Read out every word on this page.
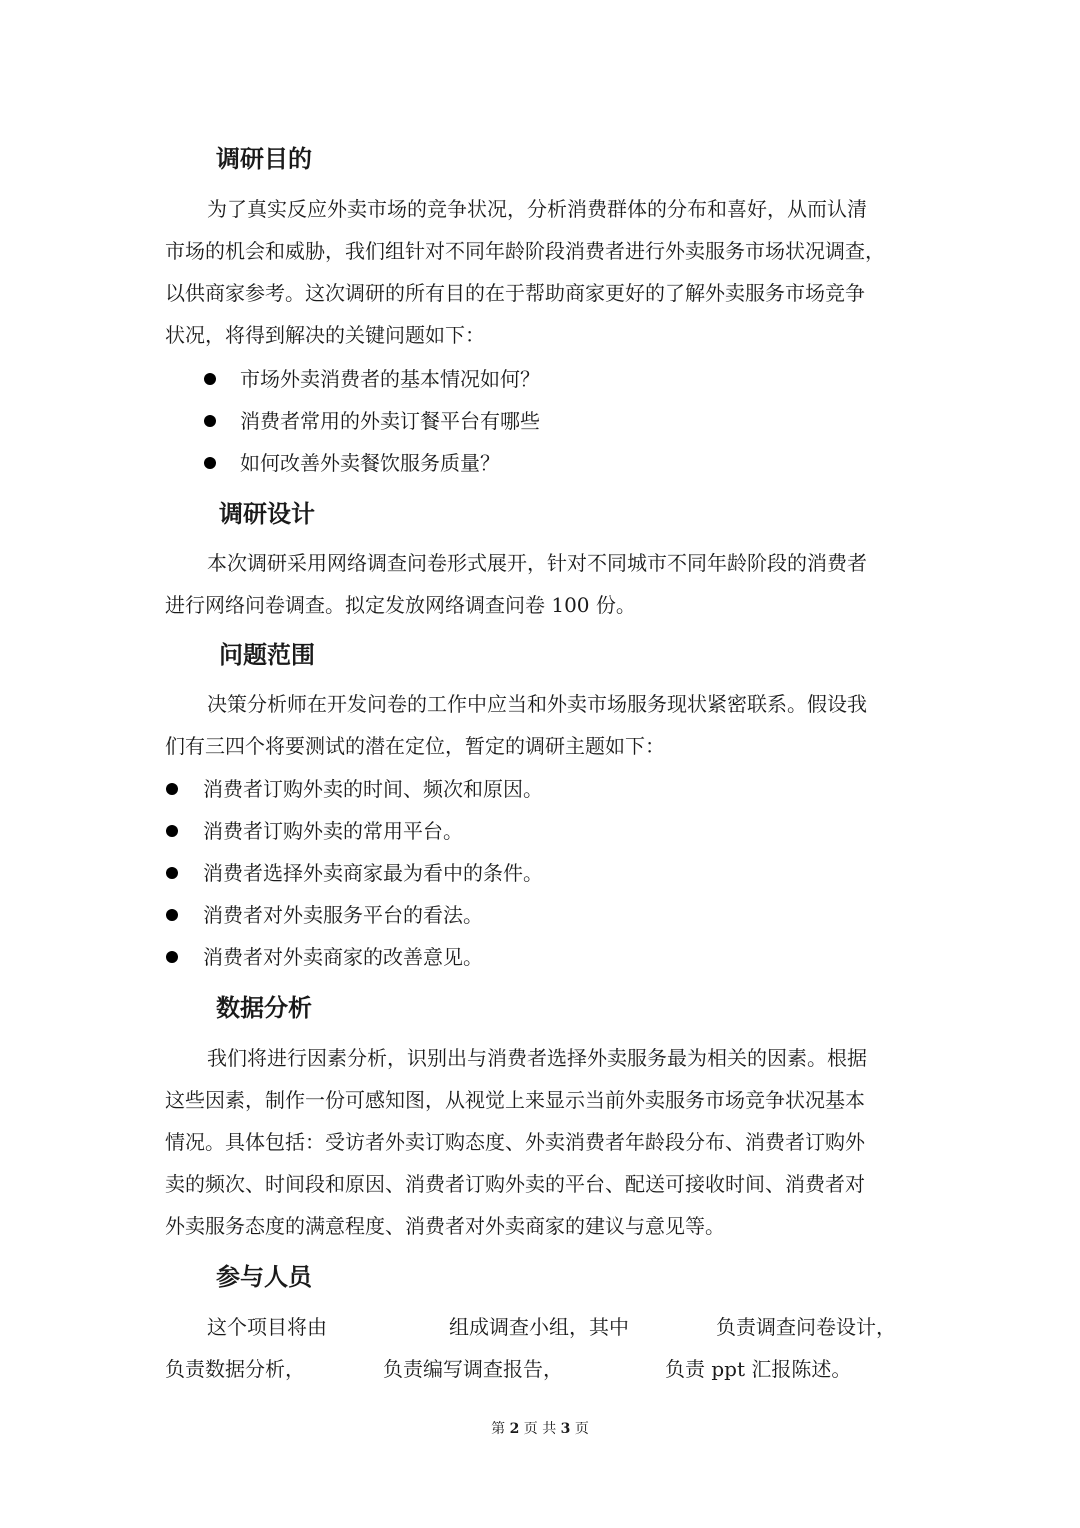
调研目的
为了真实反应外卖市场的竞争状况，分析消费群体的分布和喜好，从而认清
市场的机会和威胁，我们组针对不同年龄阶段消费者进行外卖服务市场状况调查，
以供商家参考。这次调研的所有目的在于帮助商家更好的了解外卖服务市场竞争
状况，将得到解决的关键问题如下：
市场外卖消费者的基本情况如何？
消费者常用的外卖订餐平台有哪些
如何改善外卖餐饮服务质量？
调研设计
本次调研采用网络调查问卷形式展开，针对不同城市不同年龄阶段的消费者
进行网络问卷调查。拟定发放网络调查问卷 100 份。
问题范围
决策分析师在开发问卷的工作中应当和外卖市场服务现状紧密联系。假设我
们有三四个将要测试的潜在定位，暂定的调研主题如下：
消费者订购外卖的时间、频次和原因。
消费者订购外卖的常用平台。
消费者选择外卖商家最为看中的条件。
消费者对外卖服务平台的看法。
消费者对外卖商家的改善意见。
数据分析
我们将进行因素分析，识别出与消费者选择外卖服务最为相关的因素。根据
这些因素，制作一份可感知图，从视觉上来显示当前外卖服务市场竞争状况基本
情况。具体包括：受访者外卖订购态度、外卖消费者年龄段分布、消费者订购外
卖的频次、时间段和原因、消费者订购外卖的平台、配送可接收时间、消费者对
外卖服务态度的满意程度、消费者对外卖商家的建议与意见等。
参与人员
这个项目将由	组成调查小组，其中	负责调查问卷设计，
负责数据分析，	负责编写调查报告，	负责 ppt 汇报陈述。
第 2 页 共 3 页
